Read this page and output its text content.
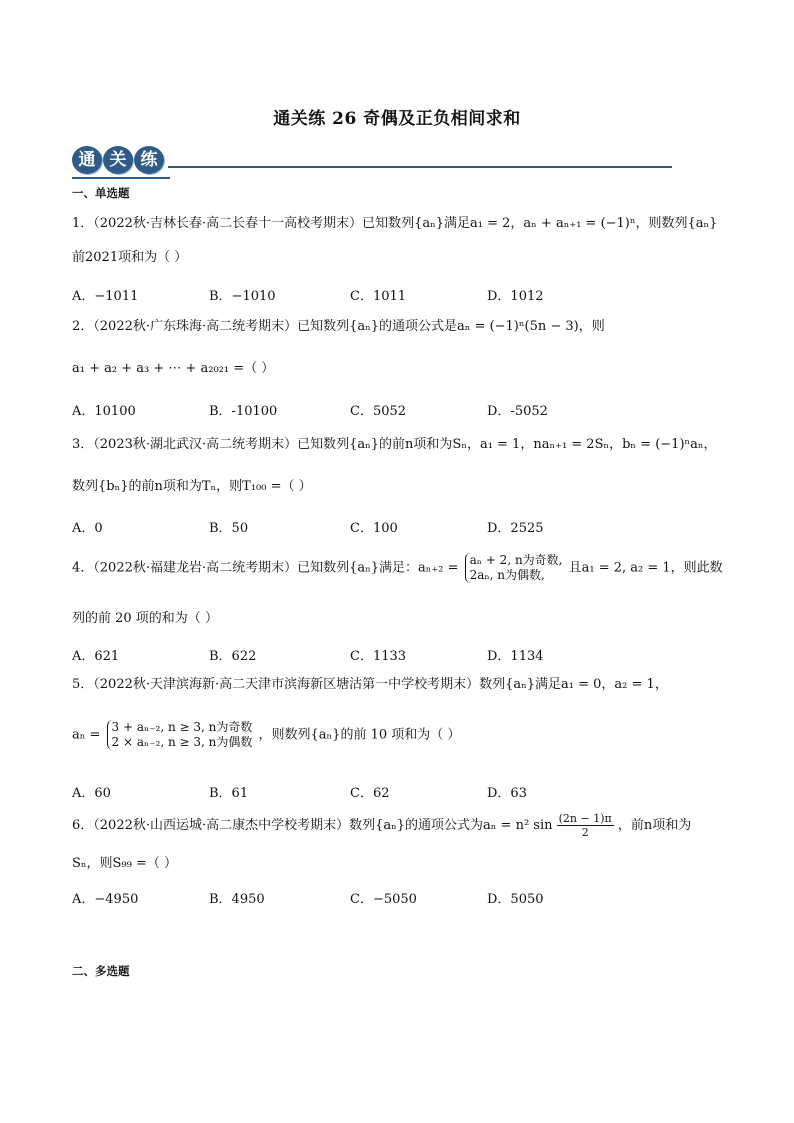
通关练 26 奇偶及正负相间求和
通 关 练
一、单选题
1．（2022秋·吉林长春·高二长春十一高校考期末）已知数列{aₙ}满足a₁ = 2，aₙ + aₙ₊₁ = (−1)ⁿ，则数列{aₙ}
前2021项和为（ ）
A．−1011	B．−1010	C．1011	D．1012
2．（2022秋·广东珠海·高二统考期末）已知数列{aₙ}的通项公式是aₙ = (−1)ⁿ(5n − 3)，则
a₁ + a₂ + a₃ + ⋯ + a₂₀₂₁ =（ ）
A．10100	B．-10100	C．5052	D．-5052
3．（2023秋·湖北武汉·高二统考期末）已知数列{aₙ}的前n项和为Sₙ，a₁ = 1，naₙ₊₁ = 2Sₙ，bₙ = (−1)ⁿaₙ，
数列{bₙ}的前n项和为Tₙ，则T₁₀₀ =（ ）
A．0	B．50	C．100	D．2525
4．（2022秋·福建龙岩·高二统考期末）已知数列{aₙ}满足：aₙ₊₂ =
aₙ + 2, n为奇数,
2aₙ, n为偶数,	且a₁ = 2, a₂ = 1，则此数
列的前 20 项的和为（ ）
A．621	B．622	C．1133	D．1134
5．（2022秋·天津滨海新·高二天津市滨海新区塘沽第一中学校考期末）数列{aₙ}满足a₁ = 0，a₂ = 1，
aₙ =
3 + aₙ₋₂, n ≥ 3, n为奇数
2 × aₙ₋₂, n ≥ 3, n为偶数 ，则数列{aₙ}的前 10 项和为（ ）
A．60	B．61	C．62	D．63
6．（2022秋·山西运城·高二康杰中学校考期末）数列{aₙ}的通项公式为aₙ = n² $\sin \frac{(2n - 1)\pi}{2}$ ，前n项和为
Sₙ，则S₉₉ =（ ）
A．−4950	B．4950	C．−5050	D．5050
二、多选题
